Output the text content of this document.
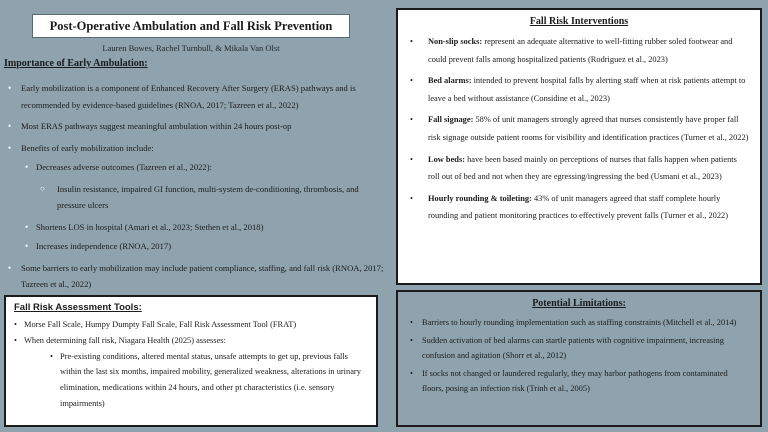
Post-Operative Ambulation and Fall Risk Prevention
Lauren Bowes, Rachel Turnbull, & Mikala Van Olst
Importance of Early Ambulation:
• Early mobilization is a component of Enhanced Recovery After Surgery (ERAS) pathways and is recommended by evidence-based guidelines (RNOA, 2017; Tazreen et al., 2022)
• Most ERAS pathways suggest meaningful ambulation within 24 hours post-op
• Benefits of early mobilization include:
• Decreases adverse outcomes (Tazreen et al., 2022):
○ Insulin resistance, impaired GI function, multi-system de-conditioning, thrombosis, and pressure ulcers
• Shortens LOS in hospital (Amari et al., 2023; Stethen et al., 2018)
• Increases independence (RNOA, 2017)
• Some barriers to early mobilization may include patient compliance, staffing, and fall risk (RNOA, 2017; Tazreen et al., 2022)
Fall Risk Assessment Tools:
• Morse Fall Scale, Humpy Dumpty Fall Scale, Fall Risk Assessment Tool (FRAT)
• When determining fall risk, Niagara Health (2025) assesses:
• Pre-existing conditions, altered mental status, unsafe attempts to get up, previous falls within the last six months, impaired mobility, generalized weakness, alterations in urinary elimination, medications within 24 hours, and other pt characteristics (i.e. sensory impairments)
Fall Risk Interventions
• Non-slip socks: represent an adequate alternative to well-fitting rubber soled footwear and could prevent falls among hospitalized patients (Rodriguez et al., 2023)
• Bed alarms: intended to prevent hospital falls by alerting staff when at risk patients attempt to leave a bed without assistance (Considine et al., 2023)
• Fall signage: 58% of unit managers strongly agreed that nurses consistently have proper fall risk signage outside patient rooms for visibility and identification practices (Turner et al., 2022)
• Low beds: have been based mainly on perceptions of nurses that falls happen when patients roll out of bed and not when they are egressing/ingressing the bed (Usmani et al., 2023)
• Hourly rounding & toileting: 43% of unit managers agreed that staff complete hourly rounding and patient monitoring practices to effectively prevent falls (Turner et al., 2022)
Potential Limitations:
• Barriers to hourly rounding implementation such as staffing constraints (Mitchell et al., 2014)
• Sudden activation of bed alarms can startle patients with cognitive impairment, increasing confusion and agitation (Shorr et al., 2012)
• If socks not changed or laundered regularly, they may harbor pathogens from contaminated floors, posing an infection risk (Trinh et al., 2005)
